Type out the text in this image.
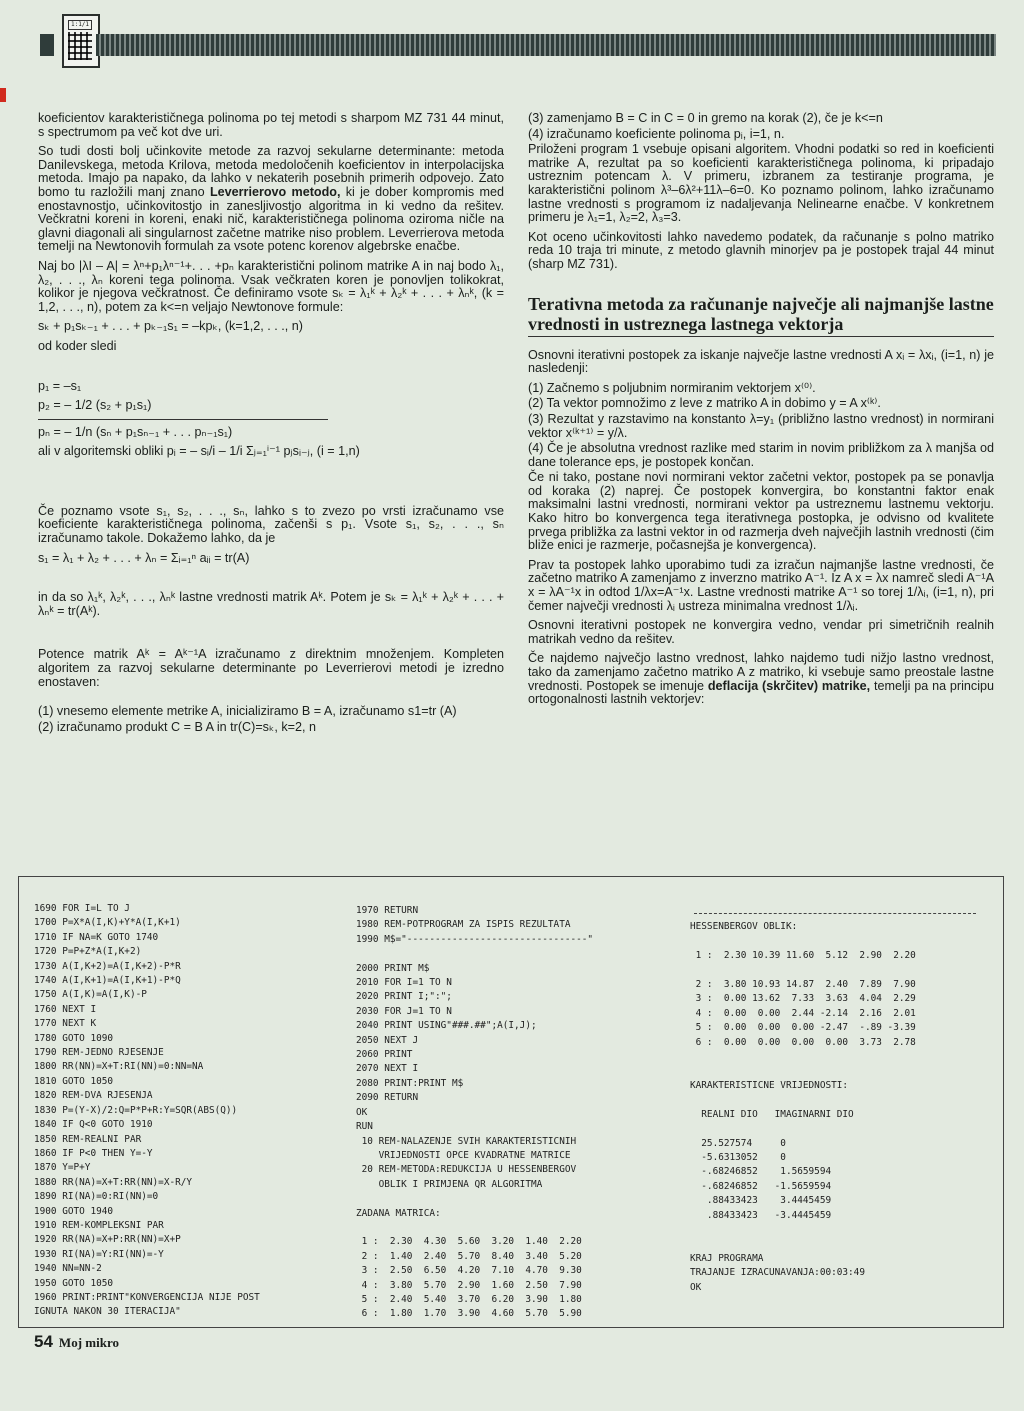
1:1/1

koeficientov karakterističnega polinoma po tej metodi s sharpom MZ 731 44 minut, s spectrumom pa več kot dve uri.

So tudi dosti bolj učinkovite metode za razvoj sekularne determinante: metoda Danilevskega, metoda Krilova, metoda medoločenih koeficientov in interpolacijska metoda. Imajo pa napako, da lahko v nekaterih posebnih primerih odpovejo. Zato bomo tu razložili manj znano Leverrierovo metodo, ki je dober kompromis med enostavnostjo, učinkovitostjo in zanesljivostjo algoritma in ki vedno da rešitev. Večkratni koreni in koreni, enaki nič, karakterističnega polinoma oziroma ničle na glavni diagonali ali singularnost začetne matrike niso problem. Leverrierova metoda temelji na Newtonovih formulah za vsote potenc korenov algebrske enačbe.

Naj bo |λI – A| = λⁿ+p₁λⁿ⁻¹+. . . +pₙ karakteristični polinom matrike A in naj bodo λ₁, λ₂, . . ., λₙ koreni tega polinoma. Vsak večkraten koren je ponovljen tolikokrat, kolikor je njegova večkratnost. Če definiramo vsote sₖ = λ₁ᵏ + λ₂ᵏ + . . . + λₙᵏ, (k = 1,2, . . ., n), potem za k<=n veljajo Newtonove formule:

sₖ + p₁sₖ₋₁ + . . . + pₖ₋₁s₁ = –kpₖ, (k=1,2, . . ., n)
od koder sledi
p₁ = –s₁
p₂ = – 1/2 (s₂ + p₁s₁)
pₙ = – 1/n (sₙ + p₁sₙ₋₁ + . . . pₙ₋₁s₁)
ali v algoritemski obliki pᵢ = – sᵢ/i – 1/i Σⱼ₌₁ⁱ⁻¹ pⱼsᵢ₋ⱼ, (i = 1,n)

Če poznamo vsote s₁, s₂, . . ., sₙ, lahko s to zvezo po vrsti izračunamo vse koeficiente karakterističnega polinoma, začenši s p₁. Vsote s₁, s₂, . . ., sₙ izračunamo takole. Dokažemo lahko, da je

s₁ = λ₁ + λ₂ + . . . + λₙ = Σᵢ₌₁ⁿ aᵢᵢ = tr(A)

in da so λ₁ᵏ, λ₂ᵏ, . . ., λₙᵏ lastne vrednosti matrik Aᵏ. Potem je sₖ = λ₁ᵏ + λ₂ᵏ + . . . + λₙᵏ = tr(Aᵏ).

Potence matrik Aᵏ = Aᵏ⁻¹A izračunamo z direktnim množenjem. Kompleten algoritem za razvoj sekularne determinante po Leverrierovi metodi je izredno enostaven:

(1) vnesemo elemente metrike A, inicializiramo B = A, izračunamo s1=tr (A)

(2) izračunamo produkt C = B A in tr(C)=sₖ, k=2, n

(3) zamenjamo B = C in C = 0 in gremo na korak (2), če je k<=n

(4) izračunamo koeficiente polinoma pᵢ, i=1, n.

Priloženi program 1 vsebuje opisani algoritem. Vhodni podatki so red in koeficienti matrike A, rezultat pa so koeficienti karakterističnega polinoma, ki pripadajo ustreznim potencam λ. V primeru, izbranem za testiranje programa, je karakteristični polinom λ³–6λ²+11λ–6=0. Ko poznamo polinom, lahko izračunamo lastne vrednosti s programom iz nadaljevanja Nelinearne enačbe. V konkretnem primeru je λ₁=1, λ₂=2, λ₃=3.

Kot oceno učinkovitosti lahko navedemo podatek, da računanje s polno matriko reda 10 traja tri minute, z metodo glavnih minorjev pa je postopek trajal 44 minut (sharp MZ 731).

Terativna metoda za računanje največje ali najmanjše lastne vrednosti in ustreznega lastnega vektorja

Osnovni iterativni postopek za iskanje največje lastne vrednosti A xᵢ = λxᵢ, (i=1, n) je nasledenji:

(1) Začnemo s poljubnim normiranim vektorjem x⁽⁰⁾.

(2) Ta vektor pomnožimo z leve z matriko A in dobimo y = A x⁽ᵏ⁾.

(3) Rezultat y razstavimo na konstanto λ=y₁ (približno lastno vrednost) in normirani vektor x⁽ᵏ⁺¹⁾ = y/λ.

(4) Če je absolutna vrednost razlike med starim in novim približkom za λ manjša od dane tolerance eps, je postopek končan.

Če ni tako, postane novi normirani vektor začetni vektor, postopek pa se ponavlja od koraka (2) naprej. Če postopek konvergira, bo konstantni faktor enak maksimalni lastni vrednosti, normirani vektor pa ustreznemu lastnemu vektorju. Kako hitro bo konvergenca tega iterativnega postopka, je odvisno od kvalitete prvega približka za lastni vektor in od razmerja dveh največjih lastnih vrednosti (čim bliže enici je razmerje, počasnejša je konvergenca).

Prav ta postopek lahko uporabimo tudi za izračun najmanjše lastne vrednosti, če začetno matriko A zamenjamo z inverzno matriko A⁻¹. Iz A x = λx namreč sledi A⁻¹A x = λA⁻¹x in odtod 1/λx=A⁻¹x. Lastne vrednosti matrike A⁻¹ so torej 1/λᵢ, (i=1, n), pri čemer največji vrednosti λᵢ ustreza minimalna vrednost 1/λᵢ.

Osnovni iterativni postopek ne konvergira vedno, vendar pri simetričnih realnih matrikah vedno da rešitev.

Če najdemo največjo lastno vrednost, lahko najdemo tudi nižjo lastno vrednost, tako da zamenjamo začetno matriko A z matriko, ki vsebuje samo preostale lastne vrednosti. Postopek se imenuje deflacija (skrčitev) matrike, temelji pa na principu ortogonalnosti lastnih vektorjev:

1690 FOR I=L TO J
1700 P=X*A(I,K)+Y*A(I,K+1)
1710 IF NA=K GOTO 1740
1720 P=P+Z*A(I,K+2)
1730 A(I,K+2)=A(I,K+2)-P*R
1740 A(I,K+1)=A(I,K+1)-P*Q
1750 A(I,K)=A(I,K)-P
1760 NEXT I
1770 NEXT K
1780 GOTO 1090
1790 REM-JEDNO RJESENJE
1800 RR(NN)=X+T:RI(NN)=0:NN=NA
1810 GOTO 1050
1820 REM-DVA RJESENJA
1830 P=(Y-X)/2:Q=P*P+R:Y=SQR(ABS(Q))
1840 IF Q<0 GOTO 1910
1850 REM-REALNI PAR
1860 IF P<0 THEN Y=-Y
1870 Y=P+Y
1880 RR(NA)=X+T:RR(NN)=X-R/Y
1890 RI(NA)=0:RI(NN)=0
1900 GOTO 1940
1910 REM-KOMPLEKSNI PAR
1920 RR(NA)=X+P:RR(NN)=X+P
1930 RI(NA)=Y:RI(NN)=-Y
1940 NN=NN-2
1950 GOTO 1050
1960 PRINT:PRINT"KONVERGENCIJA NIJE POST
IGNUTA NAKON 30 ITERACIJA"
1970 RETURN
1980 REM-POTPROGRAM ZA ISPIS REZULTATA
1990 M$="--------------------------------"

2000 PRINT M$
2010 FOR I=1 TO N
2020 PRINT I;":";
2030 FOR J=1 TO N
2040 PRINT USING"###.##";A(I,J);
2050 NEXT J
2060 PRINT
2070 NEXT I
2080 PRINT:PRINT M$
2090 RETURN
OK
RUN
10 REM-NALAZENJE SVIH KARAKTERISTICNIH
VRIJEDNOSTI OPCE KVADRATNE MATRICE
20 REM-METODA:REDUKCIJA U HESSENBERGOV
OBLIK I PRIMJENA QR ALGORITMA

ZADANA MATRICA:

1 :  2.30  4.30  5.60  3.20  1.40  2.20
2 :  1.40  2.40  5.70  8.40  3.40  5.20
3 :  2.50  6.50  4.20  7.10  4.70  9.30
4 :  3.80  5.70  2.90  1.60  2.50  7.90
5 :  2.40  5.40  3.70  6.20  3.90  1.80
6 :  1.80  1.70  3.90  4.60  5.70  5.90

HESSENBERGOV OBLIK:

1 :  2.30 10.39 11.60  5.12  2.90  2.20

2 :  3.80 10.93 14.87  2.40  7.89  7.90
3 :  0.00 13.62  7.33  3.63  4.04  2.29
4 :  0.00  0.00  2.44 -2.14  2.16  2.01
5 :  0.00  0.00  0.00 -2.47  -.89 -3.39
6 :  0.00  0.00  0.00  0.00  3.73  2.78

KARAKTERISTICNE VRIJEDNOSTI:

REALNI DIO   IMAGINARNI DIO

25.527574     0
-5.6313052    0
-.68246852    1.5659594
-.68246852   -1.5659594
.88433423    3.4445459
.88433423   -3.4445459

KRAJ PROGRAMA
TRAJANJE IZRACUNAVANJA:00:03:49
OK
54 Moj mikro
